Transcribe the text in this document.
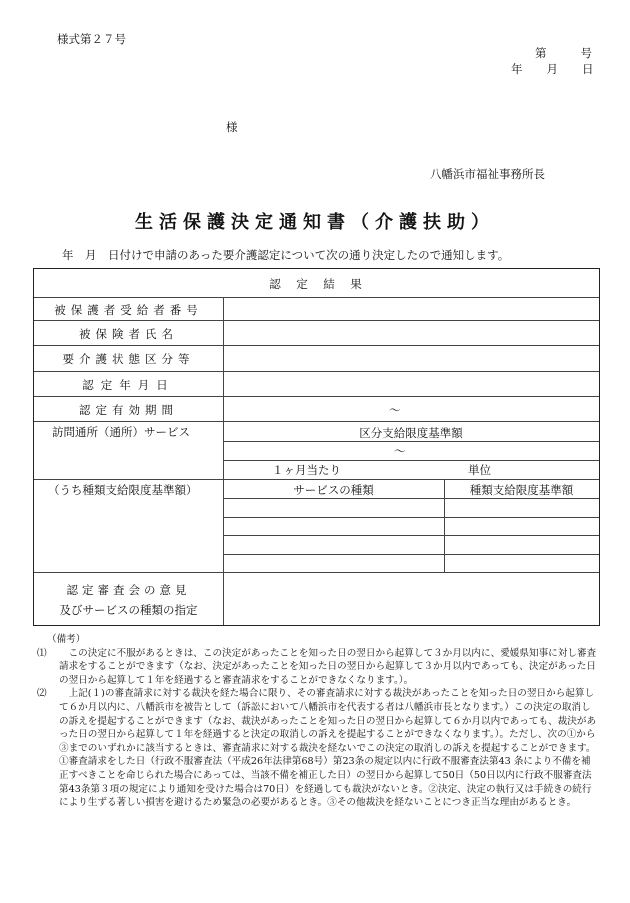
様式第２７号
第	号
年 月 日
様
八幡浜市福祉事務所長
生活保護決定通知書（介護扶助）
年　月　日付けで申請のあった要介護認定について次の通り決定したので通知します。
認　定　結　果
被保護者受給者番号
被保険者氏名
要介護状態区分等
認定年月日
認定有効期間	～
訪問通所（通所）サービス	区分支給限度基準額
～
１ヶ月当たり	単位
（うち種類支給限度基準額）	サービスの種類	種類支給限度基準額
認定審査会の意見
及びサービスの種類の指定
（備考）
⑴	この決定に不服があるときは、この決定があったことを知った日の翌日から起算して３か月以内に、愛媛県知事に対し審査請求をすることができます（なお、決定があったことを知った日の翌日から起算して３か月以内であっても、決定があった日の翌日から起算して１年を経過すると審査請求をすることができなくなります。）。

⑵	上記(１)の審査請求に対する裁決を経た場合に限り、その審査請求に対する裁決があったことを知った日の翌日から起算して６か月以内に、八幡浜市を被告として（訴訟において八幡浜市を代表する者は八幡浜市長となります。）この決定の取消しの訴えを提起することができます（なお、裁決があったことを知った日の翌日から起算して６か月以内であっても、裁決があった日の翌日から起算して１年を経過すると決定の取消しの訴えを提起することができなくなります。）。ただし、次の①から③までのいずれかに該当するときは、審査請求に対する裁決を経ないでこの決定の取消しの訴えを提起することができます。①審査請求をした日（行政不服審査法（平成26年法律第68号）第23条の規定以内に行政不服審査法第43 条により不備を補正すべきことを命じられた場合にあっては、当該不備を補正した日）の翌日から起算して50日（50日以内に行政不服審査法第43条第３項の規定により通知を受けた場合は70日）を経過しても裁決がないとき。②決定、決定の執行又は手続きの続行により生ずる著しい損害を避けるため緊急の必要があるとき。③その他裁決を経ないことにつき正当な理由があるとき。
